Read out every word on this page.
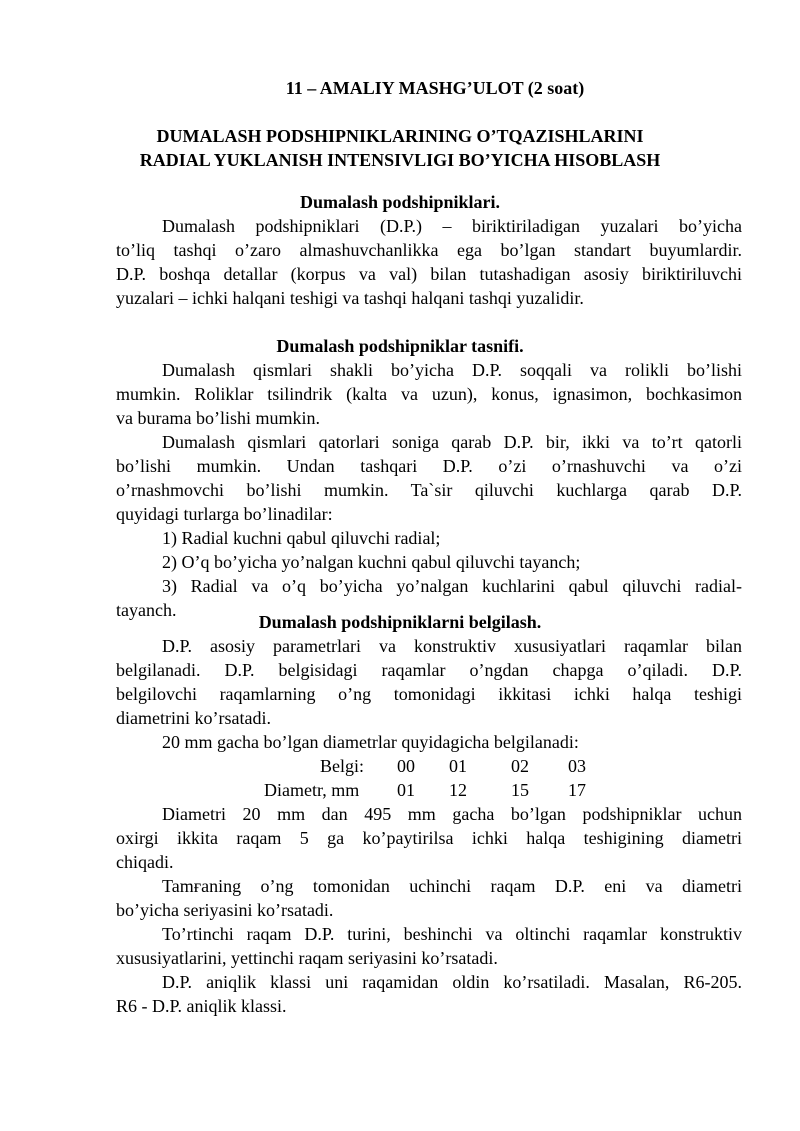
11 – AMALIY MASHG’ULOT (2 soat)
DUMALASH PODSHIPNIKLARINING O’TQAZISHLARINI
RADIAL YUKLANISH INTENSIVLIGI BO’YICHA HISOBLASH
Dumalash podshipniklari.
Dumalash podshipniklari (D.P.) – biriktiriladigan yuzalari bo’yicha
to’liq tashqi o’zaro almashuvchanlikka ega bo’lgan standart buyumlardir.
D.P. boshqa detallar (korpus va val) bilan tutashadigan asosiy biriktiriluvchi
yuzalari – ichki halqani teshigi va tashqi halqani tashqi yuzalidir.
Dumalash podshipniklar tasnifi.
Dumalash qismlari shakli bo’yicha D.P. soqqali va rolikli bo’lishi
mumkin. Roliklar tsilindrik (kalta va uzun), konus, ignasimon, bochkasimon
va burama bo’lishi mumkin.
Dumalash qismlari qatorlari soniga qarab D.P. bir, ikki va to’rt qatorli
bo’lishi mumkin. Undan tashqari D.P. o’zi o’rnashuvchi va o’zi
o’rnashmovchi bo’lishi mumkin. Ta`sir qiluvchi kuchlarga qarab D.P.
quyidagi turlarga bo’linadilar:
1) Radial kuchni qabul qiluvchi radial;
2) O’q bo’yicha yo’nalgan kuchni qabul qiluvchi tayanch;
3) Radial va o’q bo’yicha yo’nalgan kuchlarini qabul qiluvchi radial-
tayanch.
Dumalash podshipniklarni belgilash.
D.P. asosiy parametrlari va konstruktiv xususiyatlari raqamlar bilan
belgilanadi. D.P. belgisidagi raqamlar o’ngdan chapga o’qiladi. D.P.
belgilovchi raqamlarning o’ng tomonidagi ikkitasi ichki halqa teshigi
diametrini ko’rsatadi.
20 mm gacha bo’lgan diametrlar quyidagicha belgilanadi:
Belgi: 00 01 02 03
Diametr, mm 01 12 15 17
Diametri 20 mm dan 495 mm gacha bo’lgan podshipniklar uchun
oxirgi ikkita raqam 5 ga ko’paytirilsa ichki halqa teshigining diametri
chiqadi.
Tamғaning o’ng tomonidan uchinchi raqam D.P. eni va diametri
bo’yicha seriyasini ko’rsatadi.
To’rtinchi raqam D.P. turini, beshinchi va oltinchi raqamlar konstruktiv
xususiyatlarini, yettinchi raqam seriyasini ko’rsatadi.
D.P. aniqlik klassi uni raqamidan oldin ko’rsatiladi. Masalan, R6-205.
R6 - D.P. aniqlik klassi.
